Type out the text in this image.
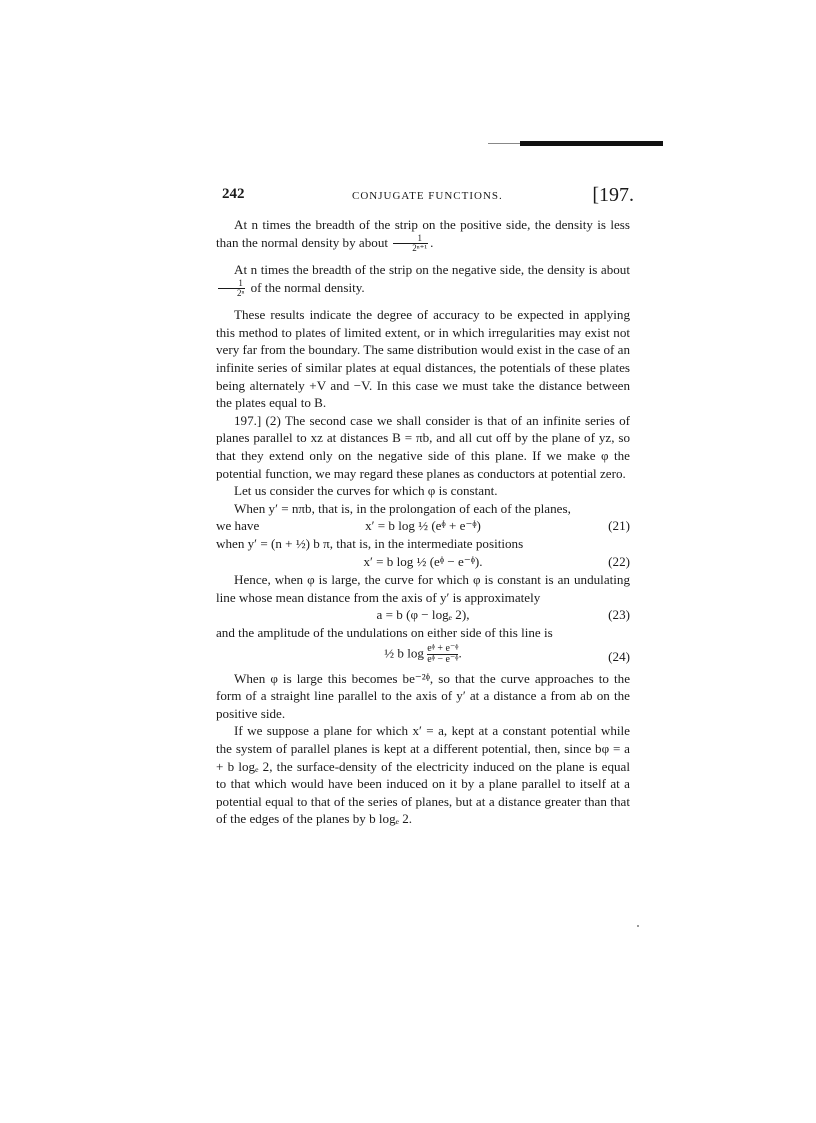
242	CONJUGATE FUNCTIONS.	[197.

At n times the breadth of the strip on the positive side, the density is less than the normal density by about $\frac{1}{\text{2ⁿ⁺¹}}$ .

At n times the breadth of the strip on the negative side, the density is about
$\frac{1}{\text{2ⁿ}}$ of the normal density.

These results indicate the degree of accuracy to be expected in applying this method to plates of limited extent, or in which irregularities may exist not very far from the boundary. The same distribution would exist in the case of an infinite series of similar plates at equal distances, the potentials of these plates being alternately +V and −V. In this case we must take the distance between the plates equal to B.

197.] (2) The second case we shall consider is that of an infinite series of planes parallel to xz at distances B = πb, and all cut off by the plane of yz, so that they extend only on the negative side of this plane. If we make φ the potential function, we may regard these planes as conductors at potential zero.

Let us consider the curves for which φ is constant.

When y′ = nπb, that is, in the prolongation of each of the planes,

we have	x′ = b log ½ (eᶲ + e⁻ᶲ)	(21)

when y′ = (n + ½) b π, that is, in the intermediate positions

x′ = b log ½ (eᶲ − e⁻ᶲ).	(22)

Hence, when φ is large, the curve for which φ is constant is an undulating line whose mean distance from the axis of y′ is approximately

a = b (φ − logₑ 2),	(23)

and the amplitude of the undulations on either side of this line is

½ b $\log \frac{\text{eᶲ + e⁻ᶲ}}{\text{eᶲ − e⁻ᶲ}}$ .	(24)

When φ is large this becomes be⁻²ᶲ, so that the curve approaches to the form of a straight line parallel to the axis of y′ at a distance a from ab on the positive side.

If we suppose a plane for which x′ = a, kept at a constant potential while the system of parallel planes is kept at a different potential, then, since bφ = a + b logₑ 2, the surface-density of the electricity induced on the plane is equal to that which would have been induced on it by a plane parallel to itself at a potential equal to that of the series of planes, but at a distance greater than that of the edges of the planes by b logₑ 2.
